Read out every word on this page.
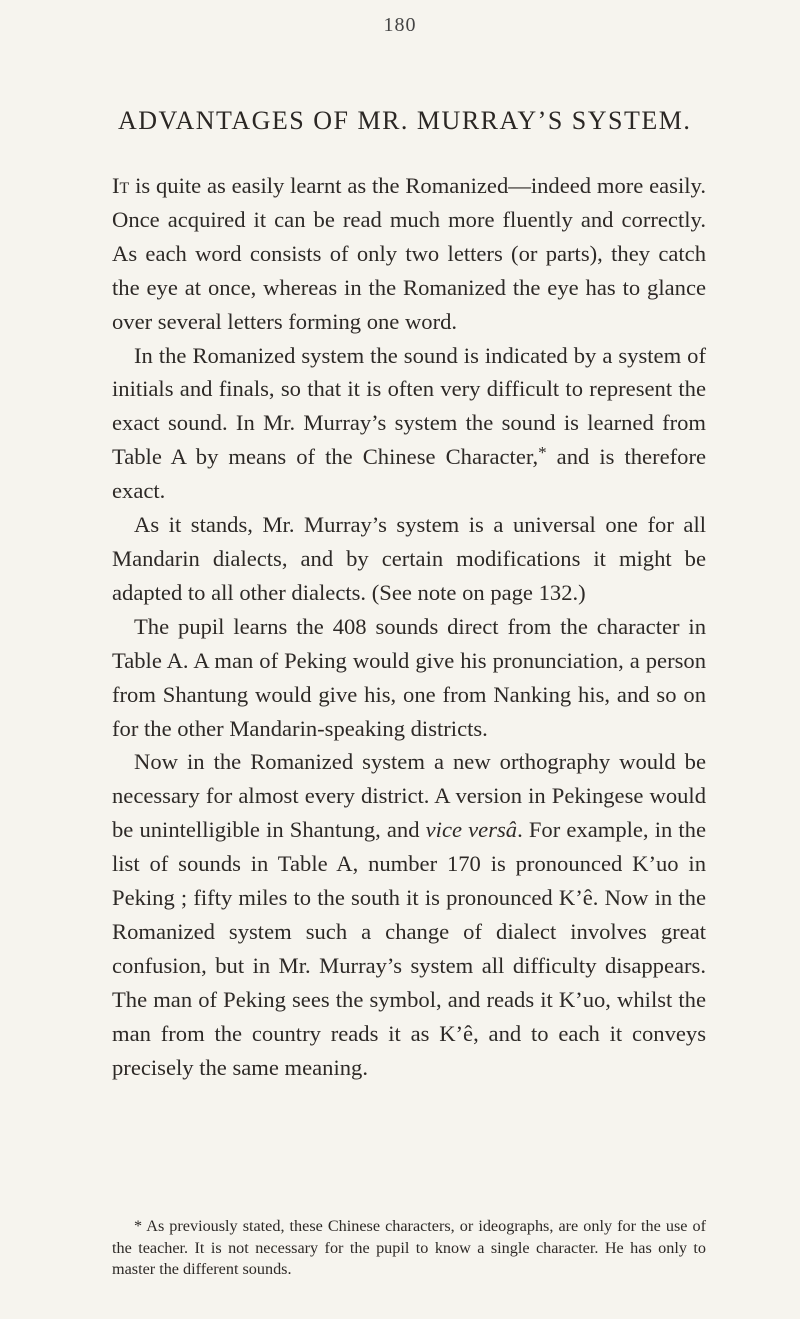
180
ADVANTAGES OF MR. MURRAY’S SYSTEM.

It is quite as easily learnt as the Romanized—indeed more easily. Once acquired it can be read much more fluently and correctly. As each word consists of only two letters (or parts), they catch the eye at once, whereas in the Romanized the eye has to glance over several letters forming one word.

In the Romanized system the sound is indicated by a system of initials and finals, so that it is often very difficult to represent the exact sound. In Mr. Murray’s system the sound is learned from Table A by means of the Chinese Character,* and is therefore exact.

As it stands, Mr. Murray’s system is a universal one for all Mandarin dialects, and by certain modifications it might be adapted to all other dialects. (See note on page 132.)

The pupil learns the 408 sounds direct from the character in Table A. A man of Peking would give his pronunciation, a person from Shantung would give his, one from Nanking his, and so on for the other Mandarin-speaking districts.

Now in the Romanized system a new orthography would be necessary for almost every district. A version in Pekingese would be unintelligible in Shantung, and vice versâ. For example, in the list of sounds in Table A, number 170 is pronounced K’uo in Peking ; fifty miles to the south it is pronounced K’ê. Now in the Romanized system such a change of dialect involves great confusion, but in Mr. Murray’s system all difficulty disappears. The man of Peking sees the symbol, and reads it K’uo, whilst the man from the country reads it as K’ê, and to each it conveys precisely the same meaning.

* As previously stated, these Chinese characters, or ideographs, are only for the use of the teacher. It is not necessary for the pupil to know a single character. He has only to master the different sounds.
